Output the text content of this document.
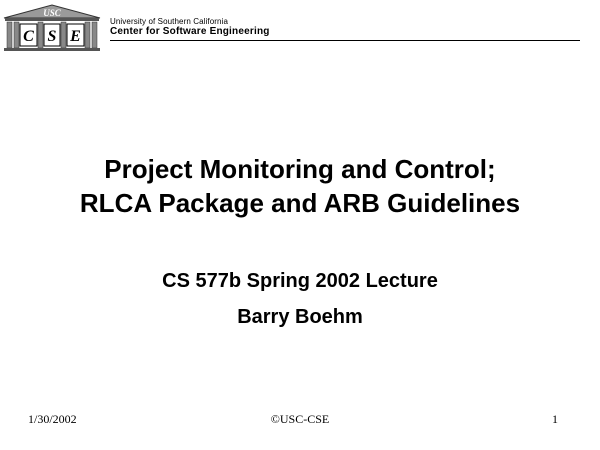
USC
C S E
University of Southern California
Center for Software Engineering
Project Monitoring and Control;
RLCA Package and ARB Guidelines
CS 577b Spring 2002 Lecture
Barry Boehm
1/30/2002	©USC-CSE	1
